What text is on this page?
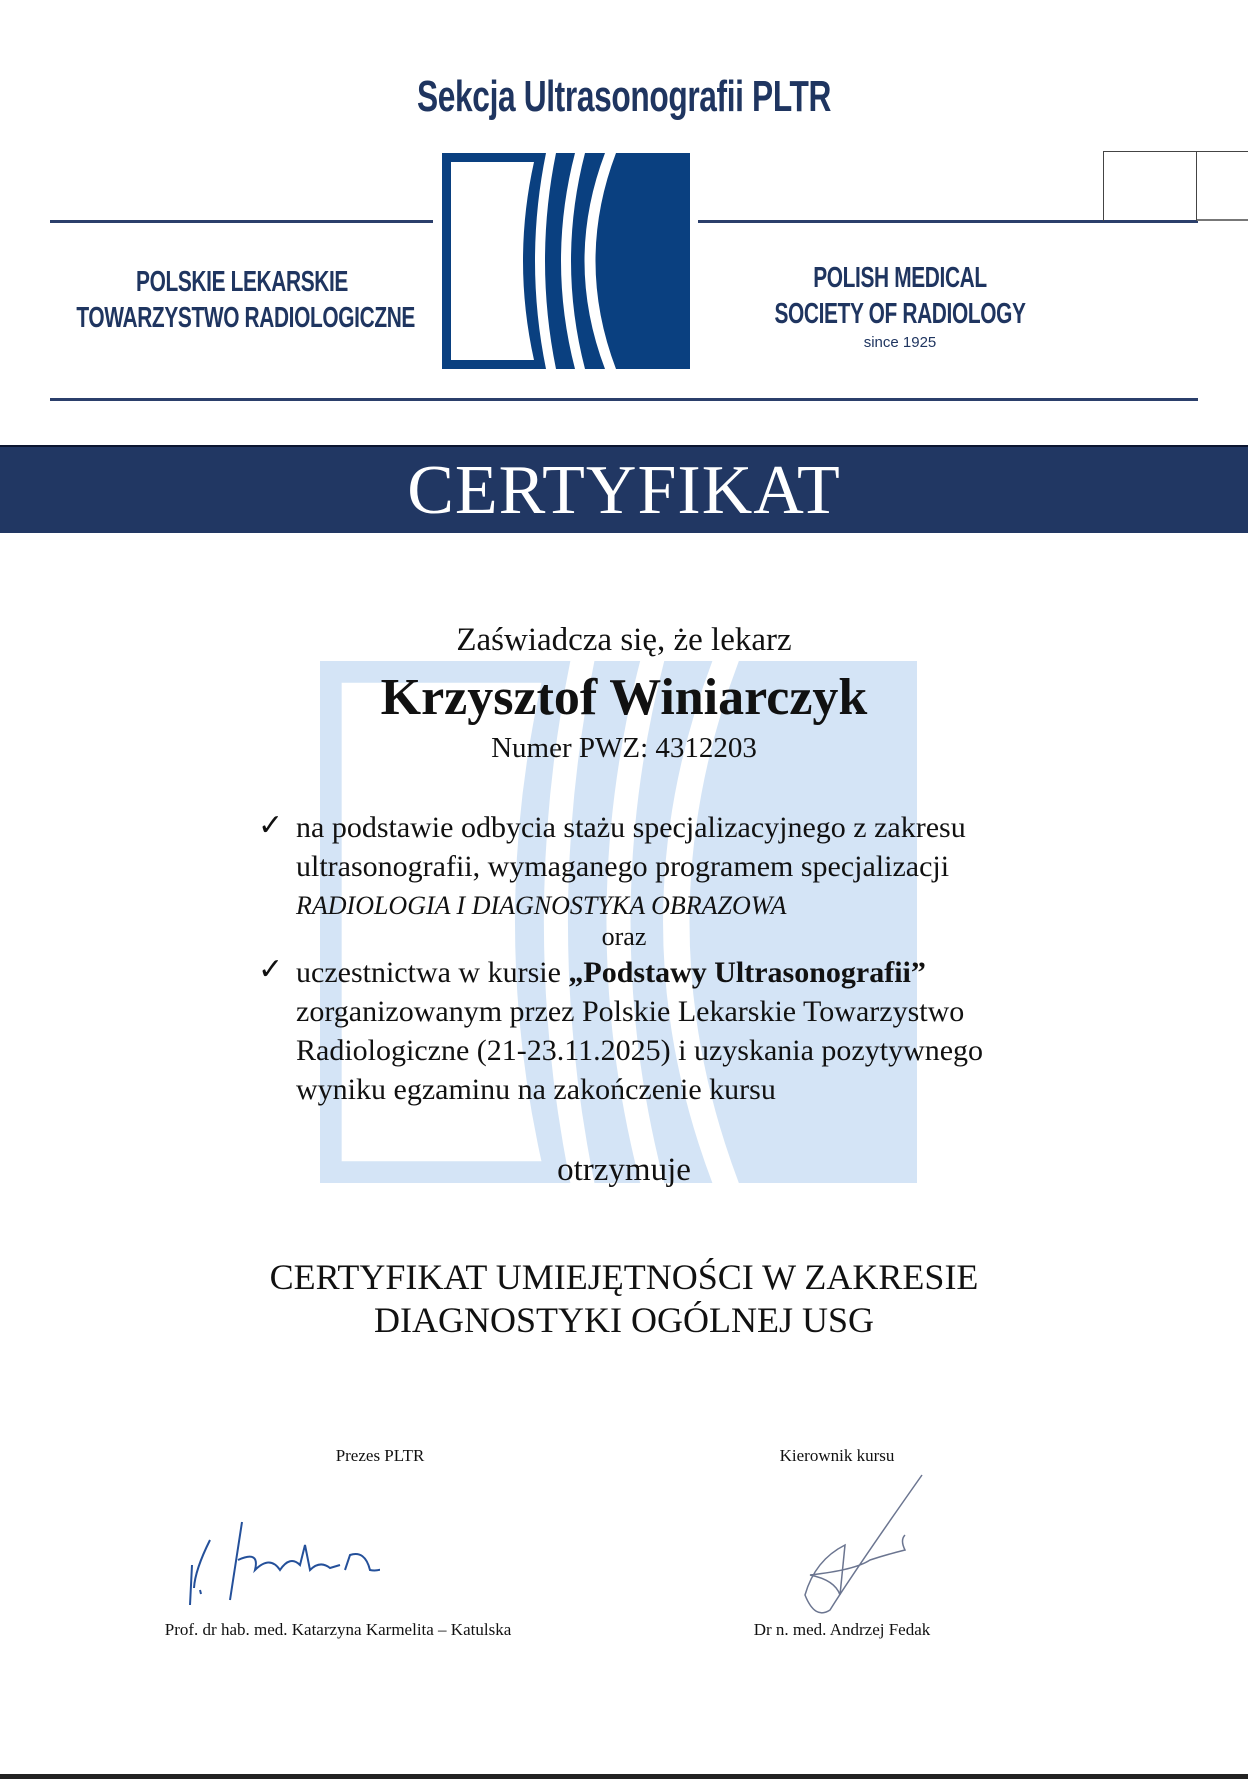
Sekcja Ultrasonografii PLTR
POLSKIE LEKARSKIE
TOWARZYSTWO RADIOLOGICZNE
POLISH MEDICAL
SOCIETY OF RADIOLOGY
since 1925
CERTYFIKAT
Zaświadcza się, że lekarz
Krzysztof Winiarczyk
Numer PWZ: 4312203
✓ na podstawie odbycia stażu specjalizacyjnego z zakresu
ultrasonografii, wymaganego programem specjalizacji
RADIOLOGIA I DIAGNOSTYKA OBRAZOWA
oraz
✓ uczestnictwa w kursie „Podstawy Ultrasonografii”
zorganizowanym przez Polskie Lekarskie Towarzystwo
Radiologiczne (21-23.11.2025) i uzyskania pozytywnego
wyniku egzaminu na zakończenie kursu
otrzymuje
CERTYFIKAT UMIEJĘTNOŚCI W ZAKRESIE
DIAGNOSTYKI OGÓLNEJ USG
Prezes PLTR	Kierownik kursu
Prof. dr hab. med. Katarzyna Karmelita – Katulska	Dr n. med. Andrzej Fedak
